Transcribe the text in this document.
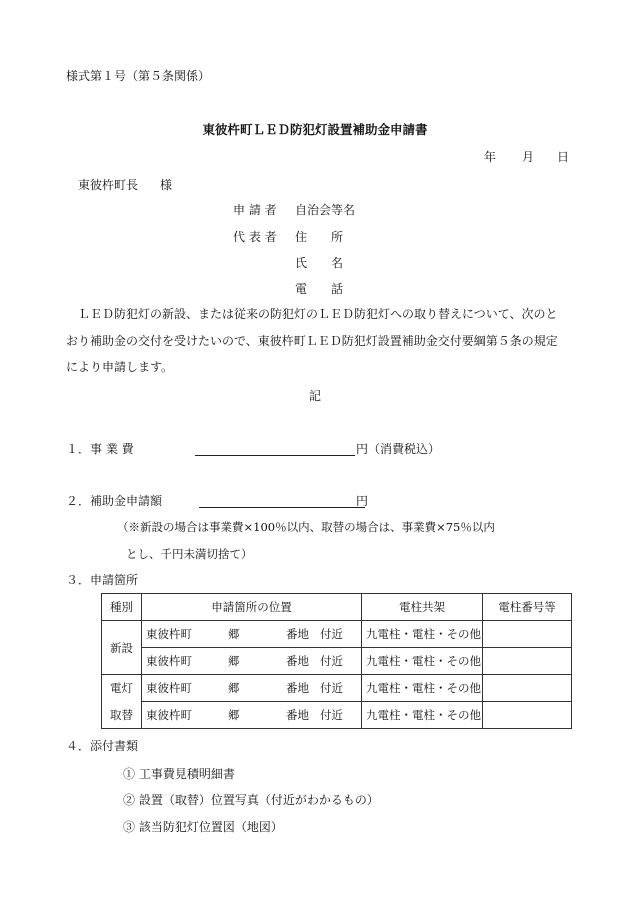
様式第１号（第５条関係）
東彼杵町ＬＥＤ防犯灯設置補助金申請書
年 月 日
東彼杵町長 様
申 請 者 自治会等名
代 表 者 住　　所
氏　　名
電　　話
ＬＥＤ防犯灯の新設、または従来の防犯灯のＬＥＤ防犯灯への取り替えについて、次のと
おり補助金の交付を受けたいので、東彼杵町ＬＥＤ防犯灯設置補助金交付要綱第５条の規定
により申請します。
記
１．事 業 費	円（消費税込）
２．補助金申請額	円
（※新設の場合は事業費×100％以内、取替の場合は、事業費×75％以内
とし、千円未満切捨て）
３．申請箇所
種別	申請箇所の位置	電柱共架	電柱番号等
新設	東彼杵町 郷 番地 付近	九電柱・電柱・その他	

	東彼杵町 郷 番地 付近	九電柱・電柱・その他	
電灯	東彼杵町 郷 番地 付近	九電柱・電柱・その他	
取替	東彼杵町 郷 番地 付近	九電柱・電柱・その他	
４．添付書類
① 工事費見積明細書
② 設置（取替）位置写真（付近がわかるもの）
③ 該当防犯灯位置図（地図）
